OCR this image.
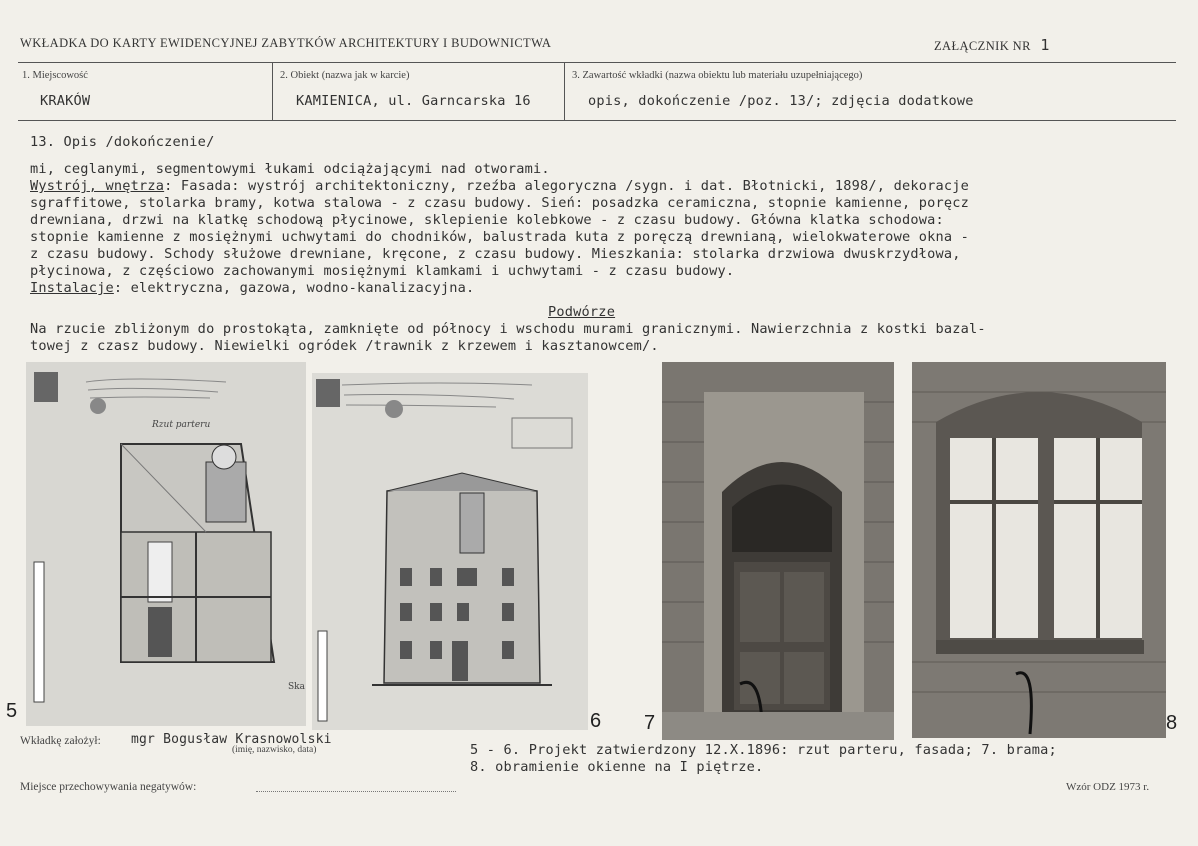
WKŁADKA DO KARTY EWIDENCYJNEJ ZABYTKÓW ARCHITEKTURY I BUDOWNICTWA	ZAŁĄCZNIK NR 1
1. Miejscowość
KRAKÓW
2. Obiekt (nazwa jak w karcie)
KAMIENICA, ul. Garncarska 16
3. Zawartość wkładki (nazwa obiektu lub materiału uzupełniającego)
opis, dokończenie /poz. 13/; zdjęcia dodatkowe
13. Opis /dokończenie/
mi, ceglanymi, segmentowymi łukami odciążającymi nad otworami.
Wystrój, wnętrza: Fasada: wystrój architektoniczny, rzeźba alegoryczna /sygn. i dat. Błotnicki, 1898/, dekoracje
sgraffitowe, stolarka bramy, kotwa stalowa - z czasu budowy. Sień: posadzka ceramiczna, stopnie kamienne, poręcz
drewniana, drzwi na klatkę schodową płycinowe, sklepienie kolebkowe - z czasu budowy. Główna klatka schodowa:
stopnie kamienne z mosiężnymi uchwytami do chodników, balustrada kuta z poręczą drewnianą, wielokwaterowe okna -
z czasu budowy. Schody służowe drewniane, kręcone, z czasu budowy. Mieszkania: stolarka drzwiowa dwuskrzydłowa,
płycinowa, z częściowo zachowanymi mosiężnymi klamkami i uchwytami - z czasu budowy.
Instalacje: elektryczna, gazowa, wodno-kanalizacyjna.
Podwórze
Na rzucie zbliżonym do prostokąta, zamknięte od północy i wschodu murami granicznymi. Nawierzchnia z kostki bazal-
towej z czasz budowy. Niewielki ogródek /trawnik z krzewem i kasztanowcem/.
Rzut parteru
Ska
5	6 7	8
Wkładkę założył: mgr Bogusław Krasnowolski
(imię, nazwisko, data)	5 - 6. Projekt zatwierdzony 12.X.1896: rzut parteru, fasada; 7. brama;
8. obramienie okienne na I piętrze.
Miejsce przechowywania negatywów:	Wzór ODZ 1973 r.
